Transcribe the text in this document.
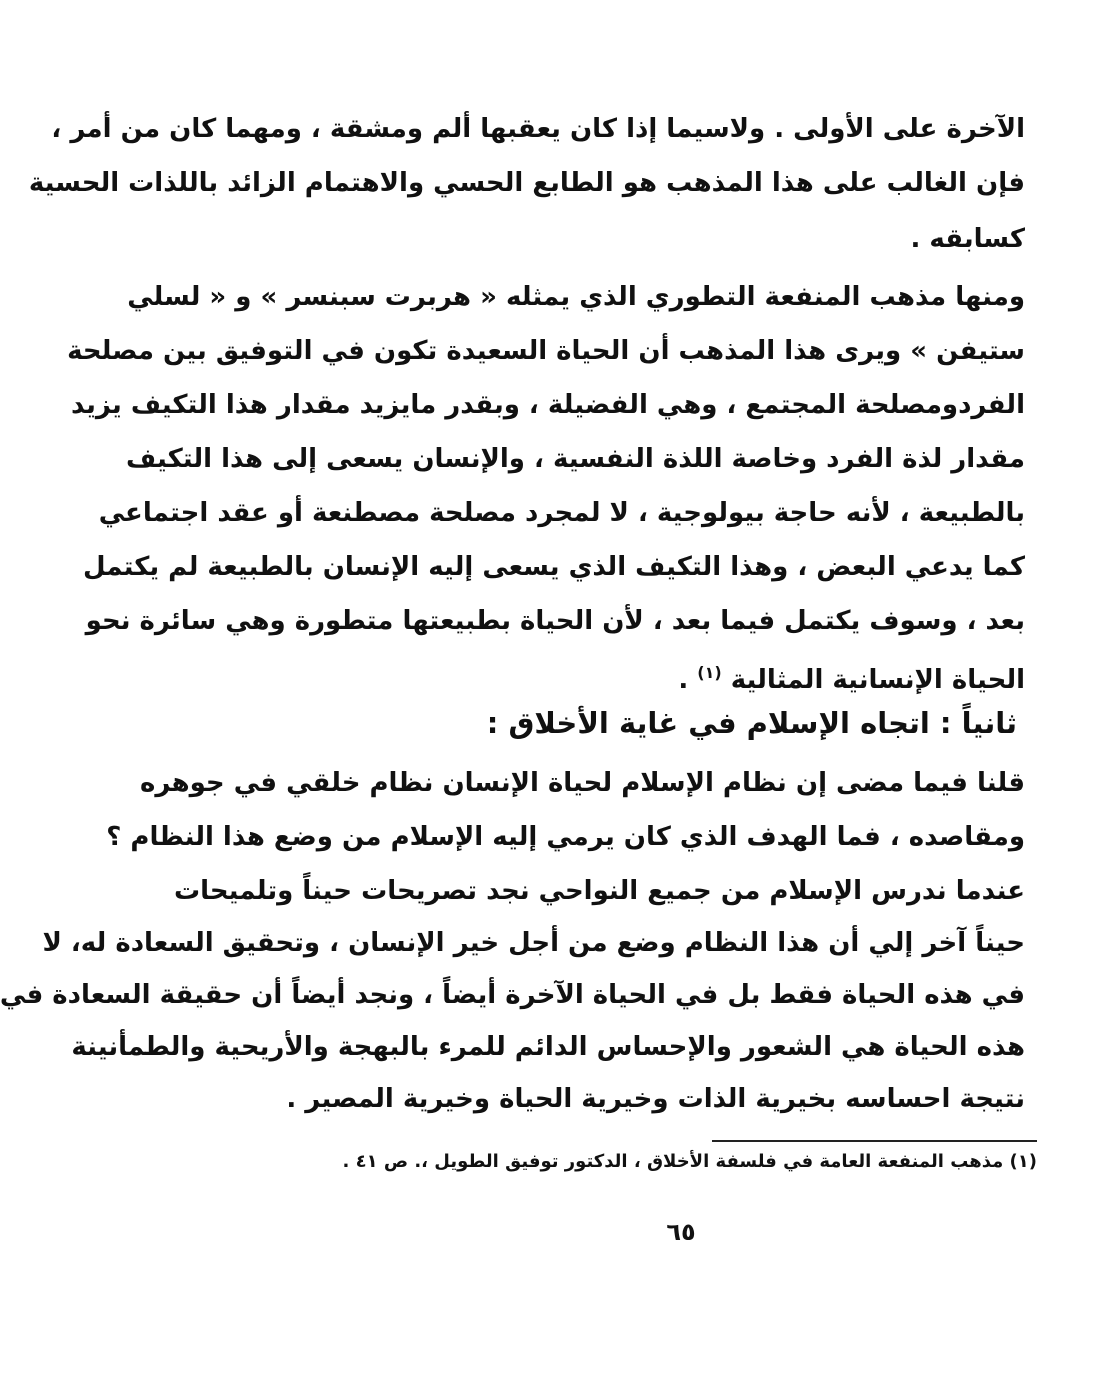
الآخرة على الأولى . ولاسيما إذا كان يعقبها ألم ومشقة ، ومهما كان من أمر ،
فإن الغالب على هذا المذهب هو الطابع الحسي والاهتمام الزائد باللذات الحسية
كسابقه .
ومنها مذهب المنفعة التطوري الذي يمثله « هربرت سبنسر » و « لسلي
ستيفن » ويرى هذا المذهب أن الحياة السعيدة تكون في التوفيق بين مصلحة
الفردومصلحة المجتمع ، وهي الفضيلة ، وبقدر مايزيد مقدار هذا التكيف يزيد
مقدار لذة الفرد وخاصة اللذة النفسية ، والإنسان يسعى إلى هذا التكيف
بالطبيعة ، لأنه حاجة بيولوجية ، لا لمجرد مصلحة مصطنعة أو عقد اجتماعي
كما يدعي البعض ، وهذا التكيف الذي يسعى إليه الإنسان بالطبيعة لم يكتمل
بعد ، وسوف يكتمل فيما بعد ، لأن الحياة بطبيعتها متطورة وهي سائرة نحو
الحياة الإنسانية المثالية $^{(١)}$ .
ثانياً : اتجاه الإسلام في غاية الأخلاق :
قلنا فيما مضى إن نظام الإسلام لحياة الإنسان نظام خلقي في جوهره
ومقاصده ، فما الهدف الذي كان يرمي إليه الإسلام من وضع هذا النظام ؟
عندما ندرس الإسلام من جميع النواحي نجد تصريحات حيناً وتلميحات
حيناً آخر إلي أن هذا النظام وضع من أجل خير الإنسان ، وتحقيق السعادة له، لا
في هذه الحياة فقط بل في الحياة الآخرة أيضاً ، ونجد أيضاً أن حقيقة السعادة في
هذه الحياة هي الشعور والإحساس الدائم للمرء بالبهجة والأريحية والطمأنينة
نتيجة احساسه بخيرية الذات وخيرية الحياة وخيرية المصير .
(١) مذهب المنفعة العامة في فلسفة الأخلاق ، الدكتور توفيق الطويل ،. ص ٤١ .
٦٥
